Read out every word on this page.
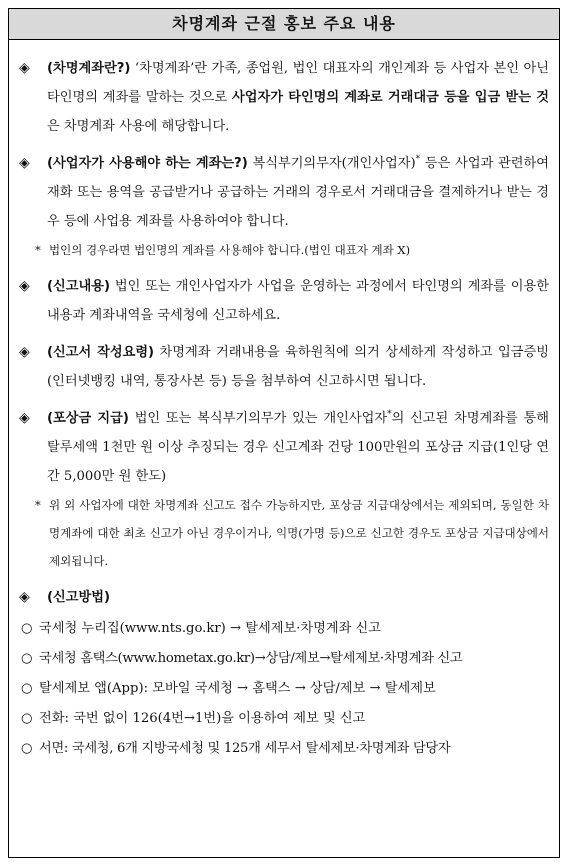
차명계좌 근절 홍보 주요 내용
◈	(차명계좌란?) ‘차명계좌’란 가족, 종업원, 법인 대표자의 개인계좌 등 사업자 본인 아닌 타인명의 계좌를 말하는 것으로 사업자가 타인명의 계좌로 거래대금 등을 입금 받는 것은 차명계좌 사용에 해당합니다.
◈	(사업자가 사용해야 하는 계좌는?) 복식부기의무자(개인사업자)* 등은 사업과 관련하여 재화 또는 용역을 공급받거나 공급하는 거래의 경우로서 거래대금을 결제하거나 받는 경우 등에 사업용 계좌를 사용하여야 합니다.
* 법인의 경우라면 법인명의 계좌를 사용해야 합니다.(법인 대표자 계좌 X)
◈	(신고내용) 법인 또는 개인사업자가 사업을 운영하는 과정에서 타인명의 계좌를 이용한 내용과 계좌내역을 국세청에 신고하세요.
◈	(신고서 작성요령) 차명계좌 거래내용을 육하원칙에 의거 상세하게 작성하고 입금증빙(인터넷뱅킹 내역, 통장사본 등) 등을 첨부하여 신고하시면 됩니다.
◈	(포상금 지급) 법인 또는 복식부기의무가 있는 개인사업자*의 신고된 차명계좌를 통해 탈루세액 1천만 원 이상 추징되는 경우 신고계좌 건당 100만원의 포상금 지급(1인당 연간 5,000만 원 한도)
* 위 외 사업자에 대한 차명계좌 신고도 접수 가능하지만, 포상금 지급대상에서는 제외되며, 동일한 차명계좌에 대한 최초 신고가 아닌 경우이거나, 익명(가명 등)으로 신고한 경우도 포상금 지급대상에서 제외됩니다.
◈	(신고방법)
○ 국세청 누리집(www.nts.go.kr) → 탈세제보·차명계좌 신고
○ 국세청 홈택스(www.hometax.go.kr)→상담/제보→탈세제보·차명계좌 신고
○ 탈세제보 앱(App): 모바일 국세청 → 홈택스 → 상담/제보 → 탈세제보
○ 전화: 국번 없이 126(4번→1번)을 이용하여 제보 및 신고
○ 서면: 국세청, 6개 지방국세청 및 125개 세무서 탈세제보·차명계좌 담당자
